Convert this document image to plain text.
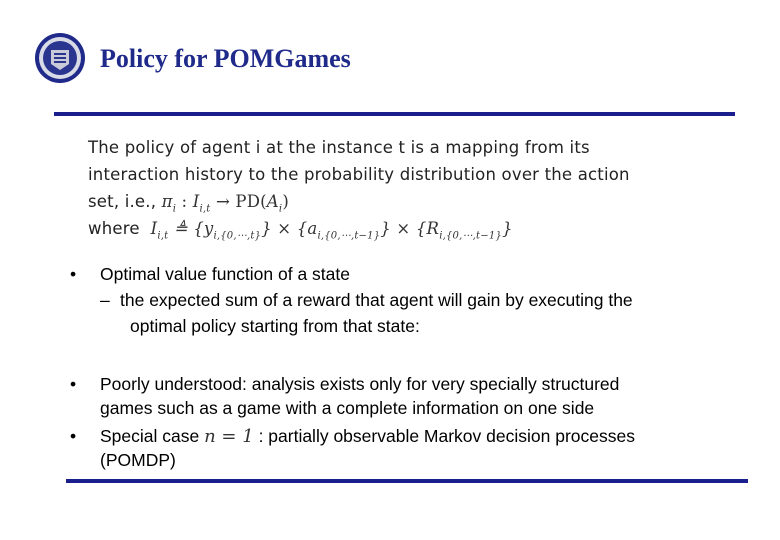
Policy for POMGames
The policy of agent i at the instance t is a mapping from its
interaction history to the probability distribution over the action
set, i.e., $\pi_i$ : $I_{i,t} \to PD(A_i)$
where $I_{i,t}$ ≜ $\{y_{i,\{0,\cdots,t\}}\} \times \{a_{i,\{0,\cdots,t-1\}}\} \times \{R_{i,\{0,\cdots,t-1\}}\}$
• Optimal value function of a state
– the expected sum of a reward that agent will gain by executing the
optimal policy starting from that state:
• Poorly understood: analysis exists only for very specially structured
games such as a game with a complete information on one side
• Special case n = 1 : partially observable Markov decision processes
(POMDP)
